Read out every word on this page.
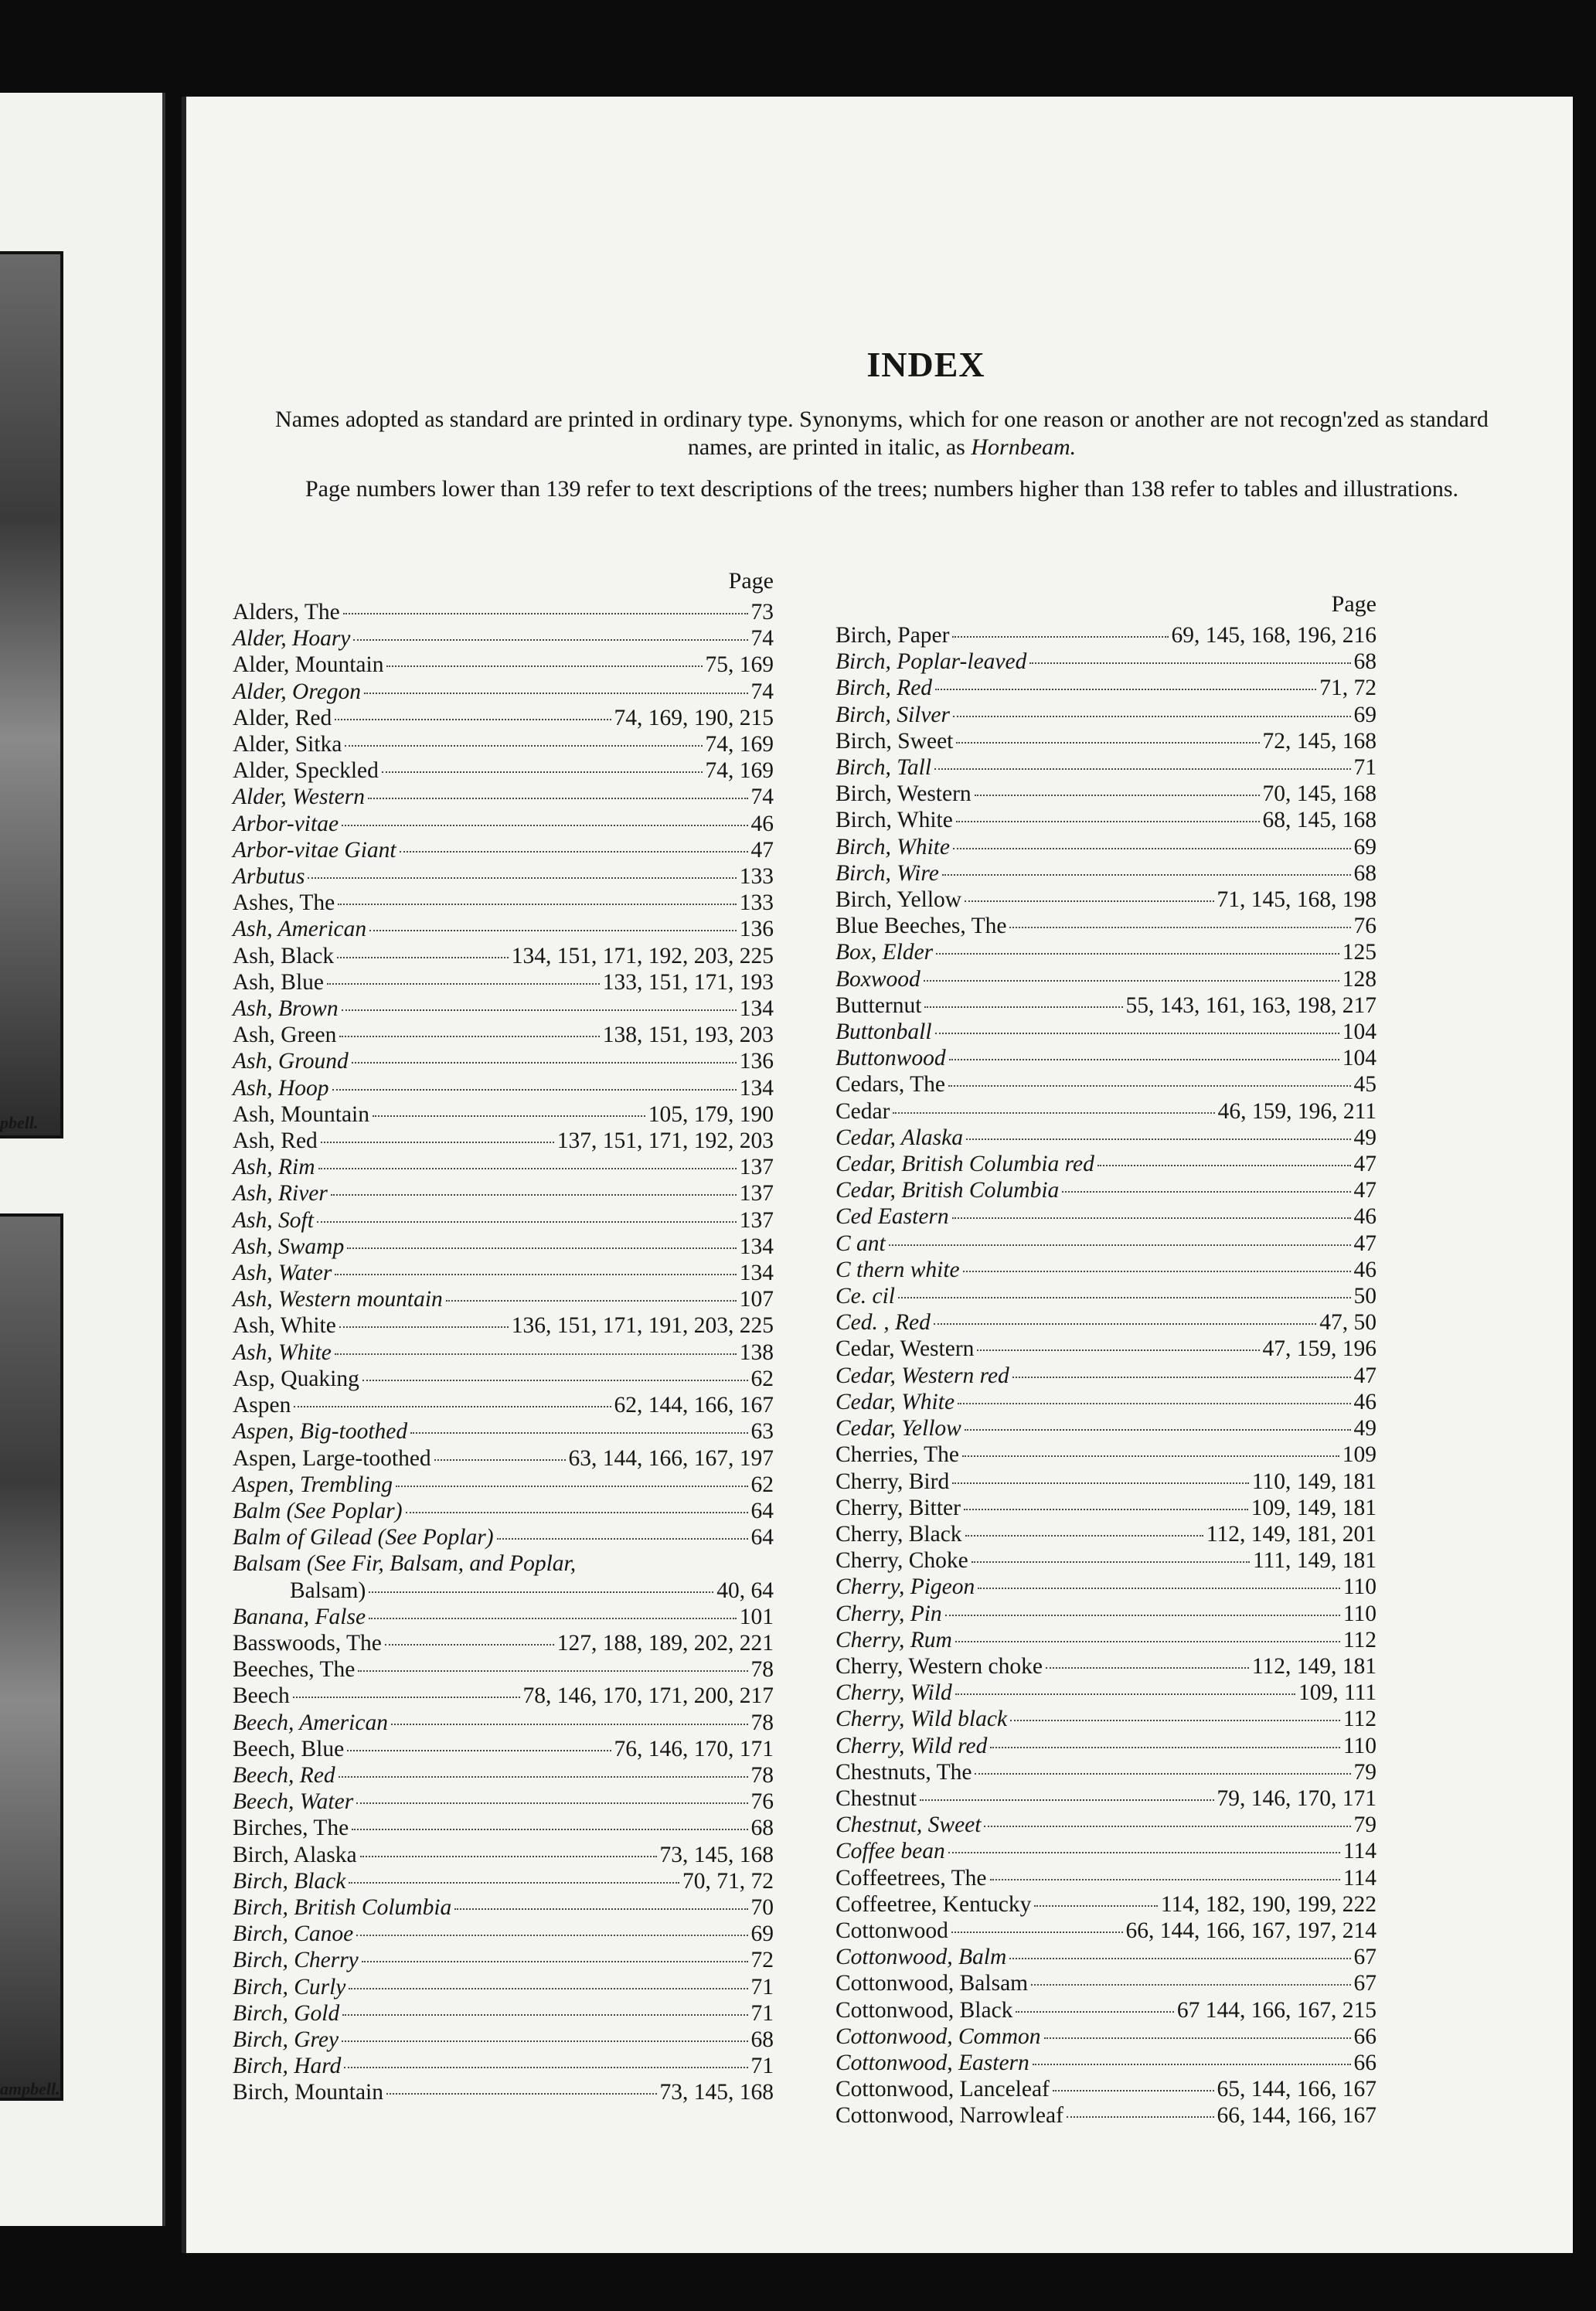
pbell.
ampbell.
INDEX
Names adopted as standard are printed in ordinary type. Synonyms, which for one reason or another are not recogn'zed as standard names, are printed in italic, as Hornbeam.
Page numbers lower than 139 refer to text descriptions of the trees; numbers higher than 138 refer to tables and illustrations.
Page
Alders, The	73
Alder, Hoary	74
Alder, Mountain	75, 169
Alder, Oregon	74
Alder, Red	74, 169, 190, 215
Alder, Sitka	74, 169
Alder, Speckled	74, 169
Alder, Western	74
Arbor-vitae	46
Arbor-vitae Giant	47
Arbutus	133
Ashes, The	133
Ash, American	136
Ash, Black	134, 151, 171, 192, 203, 225
Ash, Blue	133, 151, 171, 193
Ash, Brown	134
Ash, Green	138, 151, 193, 203
Ash, Ground	136
Ash, Hoop	134
Ash, Mountain	105, 179, 190
Ash, Red	137, 151, 171, 192, 203
Ash, Rim	137
Ash, River	137
Ash, Soft	137
Ash, Swamp	134
Ash, Water	134
Ash, Western mountain	107
Ash, White	136, 151, 171, 191, 203, 225
Ash, White	138
Asp, Quaking	62
Aspen	62, 144, 166, 167
Aspen, Big-toothed	63
Aspen, Large-toothed	63, 144, 166, 167, 197
Aspen, Trembling	62
Balm (See Poplar)	64
Balm of Gilead (See Poplar)	64
Balsam (See Fir, Balsam, and Poplar,
Balsam)	40, 64
Banana, False	101
Basswoods, The	127, 188, 189, 202, 221
Beeches, The	78
Beech	78, 146, 170, 171, 200, 217
Beech, American	78
Beech, Blue	76, 146, 170, 171
Beech, Red	78
Beech, Water	76
Birches, The	68
Birch, Alaska	73, 145, 168
Birch, Black	70, 71, 72
Birch, British Columbia	70
Birch, Canoe	69
Birch, Cherry	72
Birch, Curly	71
Birch, Gold	71
Birch, Grey	68
Birch, Hard	71
Birch, Mountain	73, 145, 168
Page
Birch, Paper	69, 145, 168, 196, 216
Birch, Poplar-leaved	68
Birch, Red	71, 72
Birch, Silver	69
Birch, Sweet	72, 145, 168
Birch, Tall	71
Birch, Western	70, 145, 168
Birch, White	68, 145, 168
Birch, White	69
Birch, Wire	68
Birch, Yellow	71, 145, 168, 198
Blue Beeches, The	76
Box, Elder	125
Boxwood	128
Butternut	55, 143, 161, 163, 198, 217
Buttonball	104
Buttonwood	104
Cedars, The	45
Cedar	46, 159, 196, 211
Cedar, Alaska	49
Cedar, British Columbia red	47
Cedar, British Columbia	47
Ced Eastern	46
C ant	47
C thern white	46
Ce. cil	50
Ced. , Red	47, 50
Cedar, Western	47, 159, 196
Cedar, Western red	47
Cedar, White	46
Cedar, Yellow	49
Cherries, The	109
Cherry, Bird	110, 149, 181
Cherry, Bitter	109, 149, 181
Cherry, Black	112, 149, 181, 201
Cherry, Choke	111, 149, 181
Cherry, Pigeon	110
Cherry, Pin	110
Cherry, Rum	112
Cherry, Western choke	112, 149, 181
Cherry, Wild	109, 111
Cherry, Wild black	112
Cherry, Wild red	110
Chestnuts, The	79
Chestnut	79, 146, 170, 171
Chestnut, Sweet	79
Coffee bean	114
Coffeetrees, The	114
Coffeetree, Kentucky	114, 182, 190, 199, 222
Cottonwood	66, 144, 166, 167, 197, 214
Cottonwood, Balm	67
Cottonwood, Balsam	67
Cottonwood, Black	67 144, 166, 167, 215
Cottonwood, Common	66
Cottonwood, Eastern	66
Cottonwood, Lanceleaf	65, 144, 166, 167
Cottonwood, Narrowleaf	66, 144, 166, 167
